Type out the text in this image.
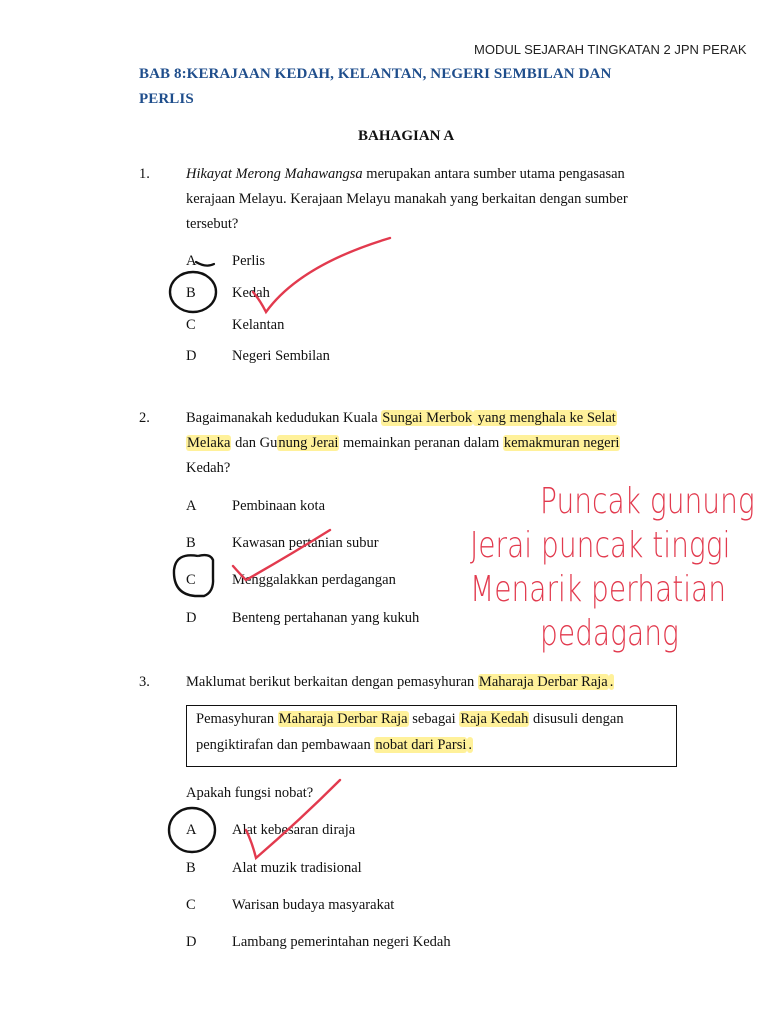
MODUL SEJARAH TINGKATAN 2 JPN PERAK
BAB 8:KERAJAAN KEDAH, KELANTAN, NEGERI SEMBILAN DAN
PERLIS
BAHAGIAN A
1. Hikayat Merong Mahawangsa merupakan antara sumber utama pengasasan
kerajaan Melayu. Kerajaan Melayu manakah yang berkaitan dengan sumber
tersebut?
A Perlis
B	Kedah
C	Kelantan
D Negeri Sembilan
2. Bagaimanakah kedudukan Kuala Sungai Merbok yang menghala ke Selat
Melaka dan Gunung Jerai memainkan peranan dalam kemakmuran negeri
Kedah?
A Pembinaan kota
B	Kawasan pertanian subur
C	Menggalakkan perdagangan
D Benteng pertahanan yang kukuh
Puncak gunung
Jerai puncak tinggi
Menarik perhatian
pedagang
3. Maklumat berikut berkaitan dengan pemasyhuran Maharaja Derbar Raja .
Pemasyhuran Maharaja Derbar Raja sebagai Raja Kedah disusuli dengan
pengiktirafan dan pembawaan nobat dari Parsi .
Apakah fungsi nobat?
A Alat kebesaran diraja
B	Alat muzik tradisional
C	Warisan budaya masyarakat
D Lambang pemerintahan negeri Kedah
